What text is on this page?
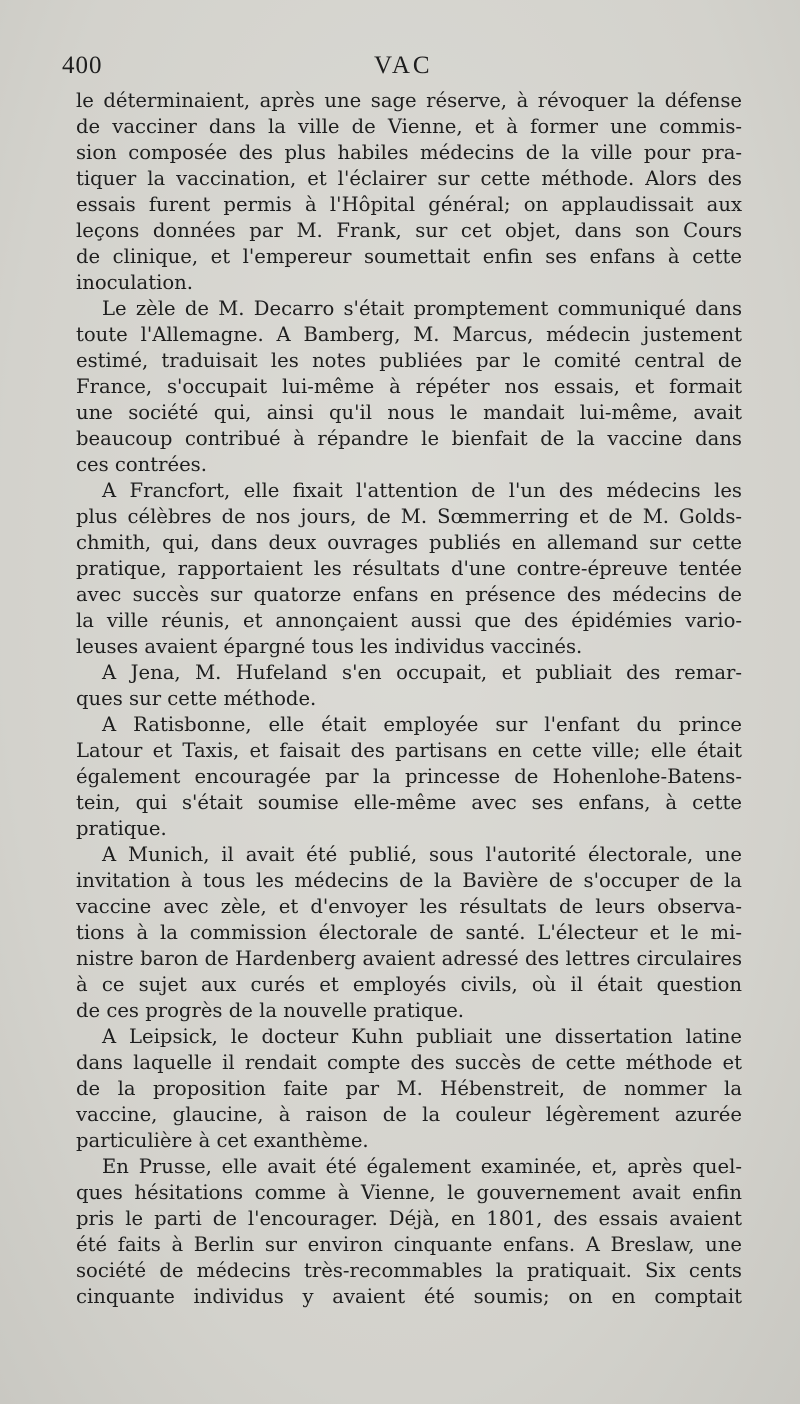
400	VAC
le déterminaient, après une sage réserve, à révoquer la défense
de vacciner dans la ville de Vienne, et à former une commis-
sion composée des plus habiles médecins de la ville pour pra-
tiquer la vaccination, et l'éclairer sur cette méthode. Alors des
essais furent permis à l'Hôpital général; on applaudissait aux
leçons données par M. Frank, sur cet objet, dans son Cours
de clinique, et l'empereur soumettait enfin ses enfans à cette
inoculation.
Le zèle de M. Decarro s'était promptement communiqué dans
toute l'Allemagne. A Bamberg, M. Marcus, médecin justement
estimé, traduisait les notes publiées par le comité central de
France, s'occupait lui-même à répéter nos essais, et formait
une société qui, ainsi qu'il nous le mandait lui-même, avait
beaucoup contribué à répandre le bienfait de la vaccine dans
ces contrées.
A Francfort, elle fixait l'attention de l'un des médecins les
plus célèbres de nos jours, de M. Sœmmerring et de M. Golds-
chmith, qui, dans deux ouvrages publiés en allemand sur cette
pratique, rapportaient les résultats d'une contre-épreuve tentée
avec succès sur quatorze enfans en présence des médecins de
la ville réunis, et annonçaient aussi que des épidémies vario-
leuses avaient épargné tous les individus vaccinés.
A Jena, M. Hufeland s'en occupait, et publiait des remar-
ques sur cette méthode.
A Ratisbonne, elle était employée sur l'enfant du prince
Latour et Taxis, et faisait des partisans en cette ville; elle était
également encouragée par la princesse de Hohenlohe-Batens-
tein, qui s'était soumise elle-même avec ses enfans, à cette
pratique.
A Munich, il avait été publié, sous l'autorité électorale, une
invitation à tous les médecins de la Bavière de s'occuper de la
vaccine avec zèle, et d'envoyer les résultats de leurs observa-
tions à la commission électorale de santé. L'électeur et le mi-
nistre baron de Hardenberg avaient adressé des lettres circulaires
à ce sujet aux curés et employés civils, où il était question
de ces progrès de la nouvelle pratique.
A Leipsick, le docteur Kuhn publiait une dissertation latine
dans laquelle il rendait compte des succès de cette méthode et
de la proposition faite par M. Hébenstreit, de nommer la
vaccine, glaucine, à raison de la couleur légèrement azurée
particulière à cet exanthème.
En Prusse, elle avait été également examinée, et, après quel-
ques hésitations comme à Vienne, le gouvernement avait enfin
pris le parti de l'encourager. Déjà, en 1801, des essais avaient
été faits à Berlin sur environ cinquante enfans. A Breslaw, une
société de médecins très-recommables la pratiquait. Six cents
cinquante individus y avaient été soumis; on en comptait
